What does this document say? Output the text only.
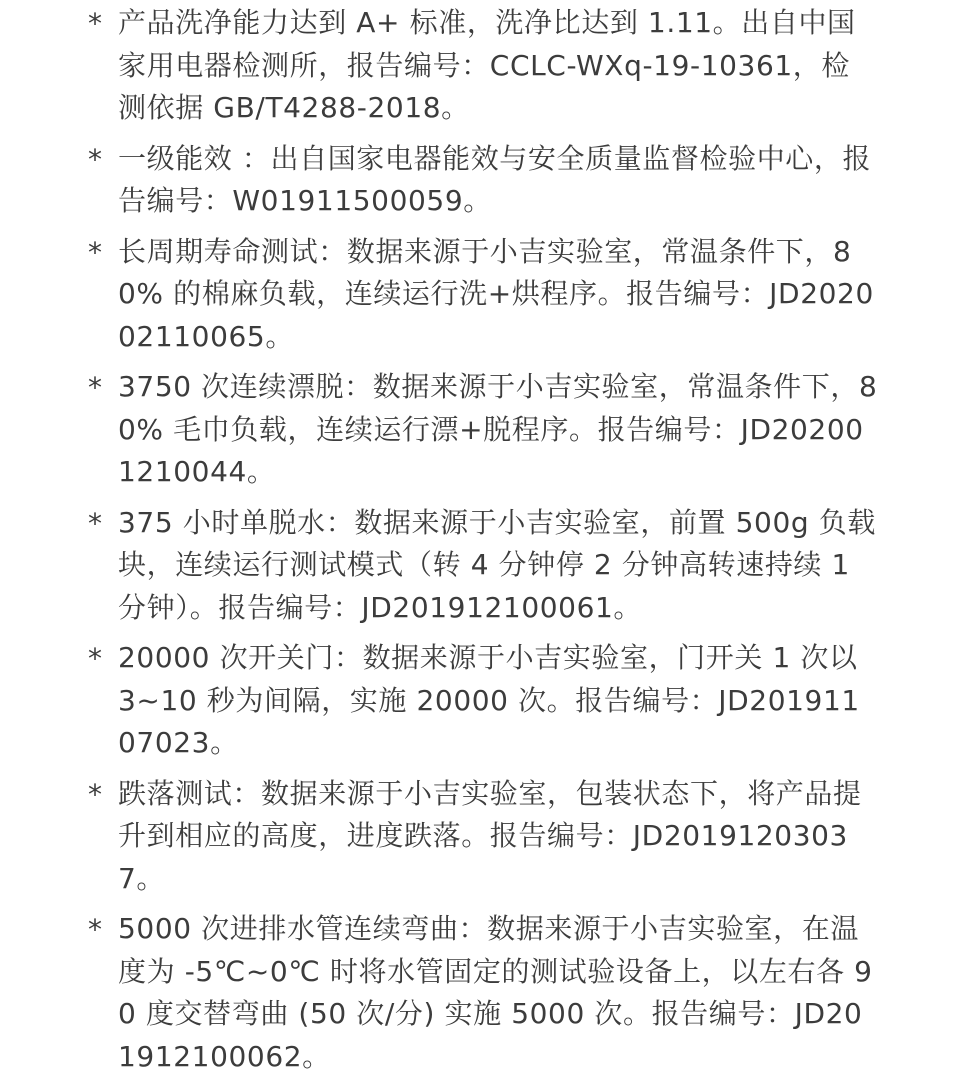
* 产品洗净能力达到 A+ 标准，洗净比达到 1.11。出自中国家用电器检测所，报告编号：CCLC-WXq-19-10361，检测依据 GB/T4288-2018。
* 一级能效 ：出自国家电器能效与安全质量监督检验中心，报告编号：W01911500059。
* 长周期寿命测试：数据来源于小吉实验室，常温条件下，80% 的棉麻负载，连续运行洗+烘程序。报告编号：JD202002110065。
* 3750 次连续漂脱：数据来源于小吉实验室，常温条件下，80% 毛巾负载，连续运行漂+脱程序。报告编号：JD202001210044。
* 375 小时单脱水：数据来源于小吉实验室，前置 500g 负载块，连续运行测试模式（转 4 分钟停 2 分钟高转速持续 1 分钟）。报告编号：JD201912100061。
* 20000 次开关门：数据来源于小吉实验室，门开关 1 次以 3~10 秒为间隔，实施 20000 次。报告编号：JD20191107023。
* 跌落测试：数据来源于小吉实验室，包装状态下，将产品提升到相应的高度，进度跌落。报告编号：JD20191203037。
* 5000 次进排水管连续弯曲：数据来源于小吉实验室，在温度为 -5℃~0℃ 时将水管固定的测试验设备上，以左右各 90 度交替弯曲 (50 次/分) 实施 5000 次。报告编号：JD201912100062。
